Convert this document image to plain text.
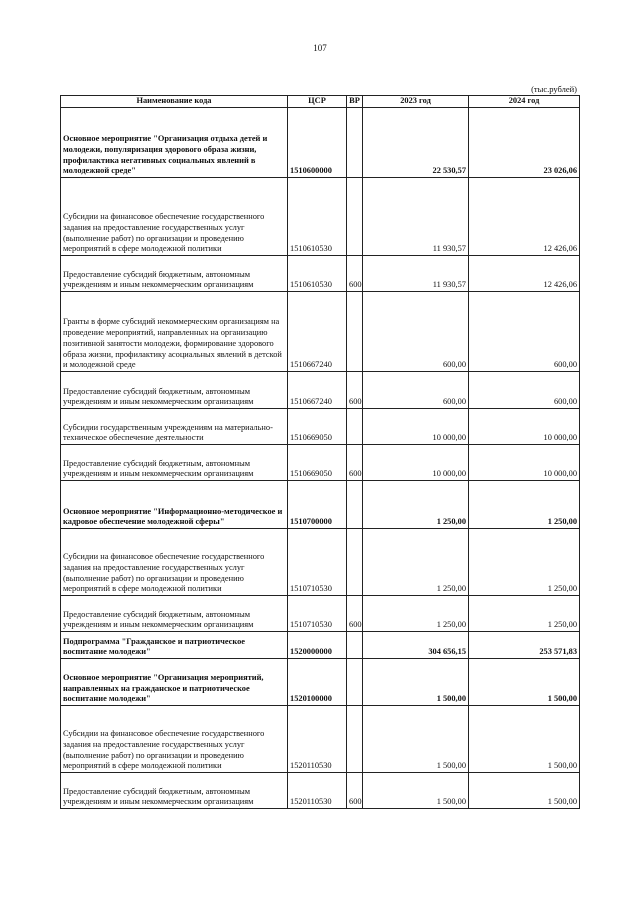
107
(тыс.рублей)
Наименование кода	ЦСР	ВР	2023 год	2024 год
Основное мероприятие "Организация отдыха детей и молодежи, популяризация здорового образа жизни, профилактика негативных социальных явлений в молодежной среде"	1510600000		22 530,57	23 026,06
Субсидии на финансовое обеспечение государственного задания на предоставление государственных услуг (выполнение работ) по организации и проведению мероприятий в сфере молодежной политики	1510610530		11 930,57	12 426,06
Предоставление субсидий бюджетным, автономным учреждениям и иным некоммерческим организациям	1510610530	600	11 930,57	12 426,06
Гранты в форме субсидий некоммерческим организациям на проведение мероприятий, направленных на организацию позитивной занятости молодежи, формирование здорового образа жизни, профилактику асоциальных явлений в детской и молодежной среде	1510667240		600,00	600,00
Предоставление субсидий бюджетным, автономным учреждениям и иным некоммерческим организациям	1510667240	600	600,00	600,00
Субсидии государственным учреждениям на материально-техническое обеспечение деятельности	1510669050		10 000,00	10 000,00
Предоставление субсидий бюджетным, автономным учреждениям и иным некоммерческим организациям	1510669050	600	10 000,00	10 000,00
Основное мероприятие "Информационно-методическое и кадровое обеспечение молодежной сферы"	1510700000		1 250,00	1 250,00
Субсидии на финансовое обеспечение государственного задания на предоставление государственных услуг (выполнение работ) по организации и проведению мероприятий в сфере молодежной политики	1510710530		1 250,00	1 250,00
Предоставление субсидий бюджетным, автономным учреждениям и иным некоммерческим организациям	1510710530	600	1 250,00	1 250,00
Подпрограмма "Гражданское и патриотическое воспитание молодежи"	1520000000		304 656,15	253 571,83
Основное мероприятие "Организация мероприятий, направленных на гражданское и патриотическое воспитание молодежи"	1520100000		1 500,00	1 500,00
Субсидии на финансовое обеспечение государственного задания на предоставление государственных услуг (выполнение работ) по организации и проведению мероприятий в сфере молодежной политики	1520110530		1 500,00	1 500,00
Предоставление субсидий бюджетным, автономным учреждениям и иным некоммерческим организациям	1520110530	600	1 500,00	1 500,00
